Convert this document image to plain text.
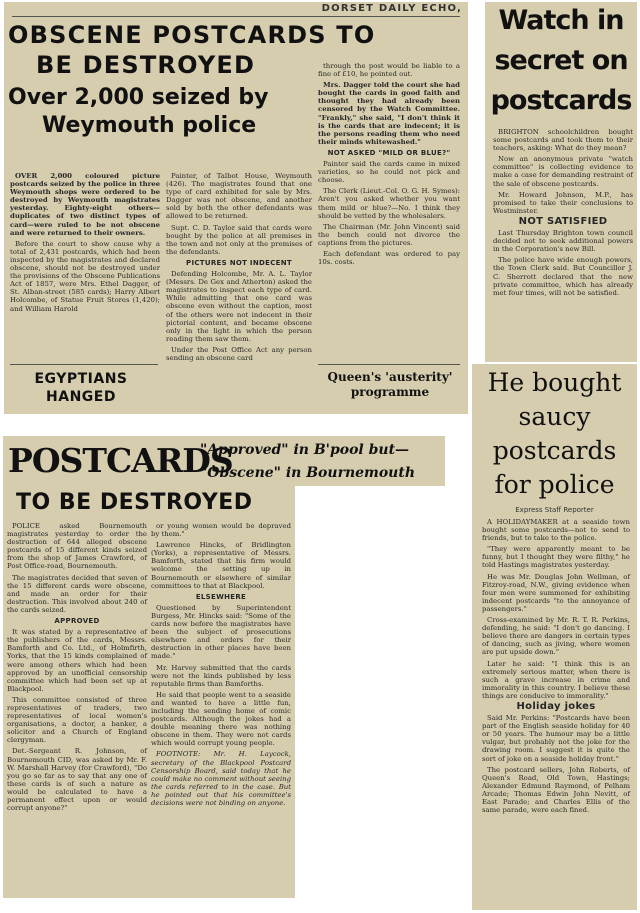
DORSET DAILY ECHO,
OBSCENE POSTCARDS TO
BE DESTROYED
Over 2,000 seized by
Weymouth police

OVER 2,000 coloured picture postcards seized by the police in three Weymouth shops were ordered to be destroyed by Weymouth magistrates yesterday. Eighty-eight others—duplicates of two distinct types of card—were ruled to be not obscene and were returned to their owners.

Before the court to show cause why a total of 2,431 postcards, which had been inspected by the magistrates and declared obscene, should not be destroyed under the provisions of the Obscene Publications Act of 1857, were Mrs. Ethel Dagger, of St. Alban-street (585 cards); Harry Albert Holcombe, of Statue Fruit Stores (1,420); and William Harold

Painter, of Talbot House, Weymouth (426). The magistrates found that one type of card exhibited for sale by Mrs. Dagger was not obscene, and another sold by both the other defendants was allowed to be returned.

Supt. C. D. Taylor said that cards were bought by the police at all premises in the town and not only at the premises of the defendants.

PICTURES NOT INDECENT

Defending Holcombe, Mr. A. L. Taylor (Messrs. De Gex and Atherton) asked the magistrates to inspect each type of card. While admitting that one card was obscene even without the caption, most of the others were not indecent in their pictorial content, and became obscene only in the light in which the person reading them saw them.

Under the Post Office Act any person sending an obscene card

through the post would be liable to a fine of £10, he pointed out.

Mrs. Dagger told the court she had bought the cards in good faith and thought they had already been censored by the Watch Committee. "Frankly," she said, "I don't think it is the cards that are indecent; it is the persons reading them who need their minds whitewashed."

NOT ASKED "MILD OR BLUE?"

Painter said the cards came in mixed varieties, so he could not pick and choose.

The Clerk (Lieut.-Col. O. G. H. Symes): Aren't you asked whether you want them mild or blue?—No. I think they should be vetted by the wholesalers.

The Chairman (Mr. John Vincent) said the bench could not divorce the captions from the pictures.

Each defendant was ordered to pay 10s. costs.

EGYPTIANS HANGED
Queen's 'austerity' programme
Watch in
secret on
postcards

BRIGHTON schoolchildren bought some postcards and took them to their teachers, asking: What do they mean?

Now an anonymous private "watch committee" is collecting evidence to make a case for demanding restraint of the sale of obscene postcards.

Mr. Howard Johnson, M.P., has promised to take their conclusions to Westminster.

NOT SATISFIED

Last Thursday Brighton town council decided not to seek additional powers in the Corporation's new Bill.

The police have wide enough powers, the Town Clerk said. But Councillor J. C. Sherrott declared that the new private committee, which has already met four times, will not be satisfied.

POSTCARDS
"Approved" in B'pool but—
"Obscene" in Bournemouth
TO BE DESTROYED

POLICE asked Bournemouth magistrates yesterday to order the destruction of 644 alleged obscene postcards of 15 different kinds seized from the shop of James Crawford, of Post Office-road, Bournemouth.

The magistrates decided that seven of the 15 different cards were obscene, and made an order for their destruction. This involved about 240 of the cards seized.

APPROVED

It was stated by a representative of the publishers of the cards, Messrs. Bamforth and Co. Ltd., of Holmfirth, Yorks, that the 15 kinds complained of were among others which had been approved by an unofficial censorship committee which had been set up at Blackpool.

This committee consisted of three representatives of traders, two representatives of local women's organisations, a doctor, a banker, a solicitor and a Church of England clergyman.

Det.-Sergeant R. Johnson, of Bournemouth CID, was asked by Mr. F. W. Marshall Harvey (for Crawford), "Do you go so far as to say that any one of these cards is of such a nature as would be calculated to have a permanent effect upon or would corrupt anyone?"

or young women would be depraved by them."

Lawrence Hincks, of Bridlington (Yorks), a representative of Messrs. Bamforth, stated that his firm would welcome the setting up in Bournemouth or elsewhere of similar committees to that at Blackpool.

ELSEWHERE

Questioned by Superintendent Burgess, Mr. Hincks said: "Some of the cards now before the magistrates have been the subject of prosecutions elsewhere and orders for their destruction in other places have been made."

Mr. Harvey submitted that the cards were not the kinds published by less reputable firms than Bamforths.

He said that people went to a seaside and wanted to have a little fun, including the sending home of comic postcards. Although the jokes had a double meaning there was nothing obscene in them. They were not cards which would corrupt young people.

FOOTNOTE: Mr. H. Laycock, secretary of the Blackpool Postcard Censorship Board, said today that he could make no comment without seeing the cards referred to in the case. But he pointed out that his committee's decisions were not binding on anyone.

He bought
saucy
postcards
for police
Express Staff Reporter

A HOLIDAYMAKER at a seaside town bought some postcards—not to send to friends, but to take to the police.

"They were apparently meant to be funny, but I thought they were filthy," he told Hastings magistrates yesterday.

He was Mr. Douglas John Wellman, of Fitzroy-road, N.W., giving evidence when four men were summoned for exhibiting indecent postcards "to the annoyance of passengers."

Cross-examined by Mr. R. T. R. Perkins, defending, he said: "I don't go dancing. I believe there are dangers in certain types of dancing, such as jiving, where women are put upside down."

Later he said: "I think this is an extremely serious matter, when there is such a grave increase in crime and immorality in this country. I believe these things are conducive to immorality."

Holiday jokes

Said Mr. Perkins: "Postcards have been part of the English seaside holiday for 40 or 50 years. The humour may be a little vulgar, but probably not the joke for the drawing room. I suggest it is quite the sort of joke on a seaside holiday front."

The postcard sellers, John Roberts, of Queen's Road, Old Town, Hastings; Alexander Edmund Raymond, of Pelham Arcade; Thomas Edwin John Nevitt, of East Parade; and Charles Ellis of the same parade, were each fined.
